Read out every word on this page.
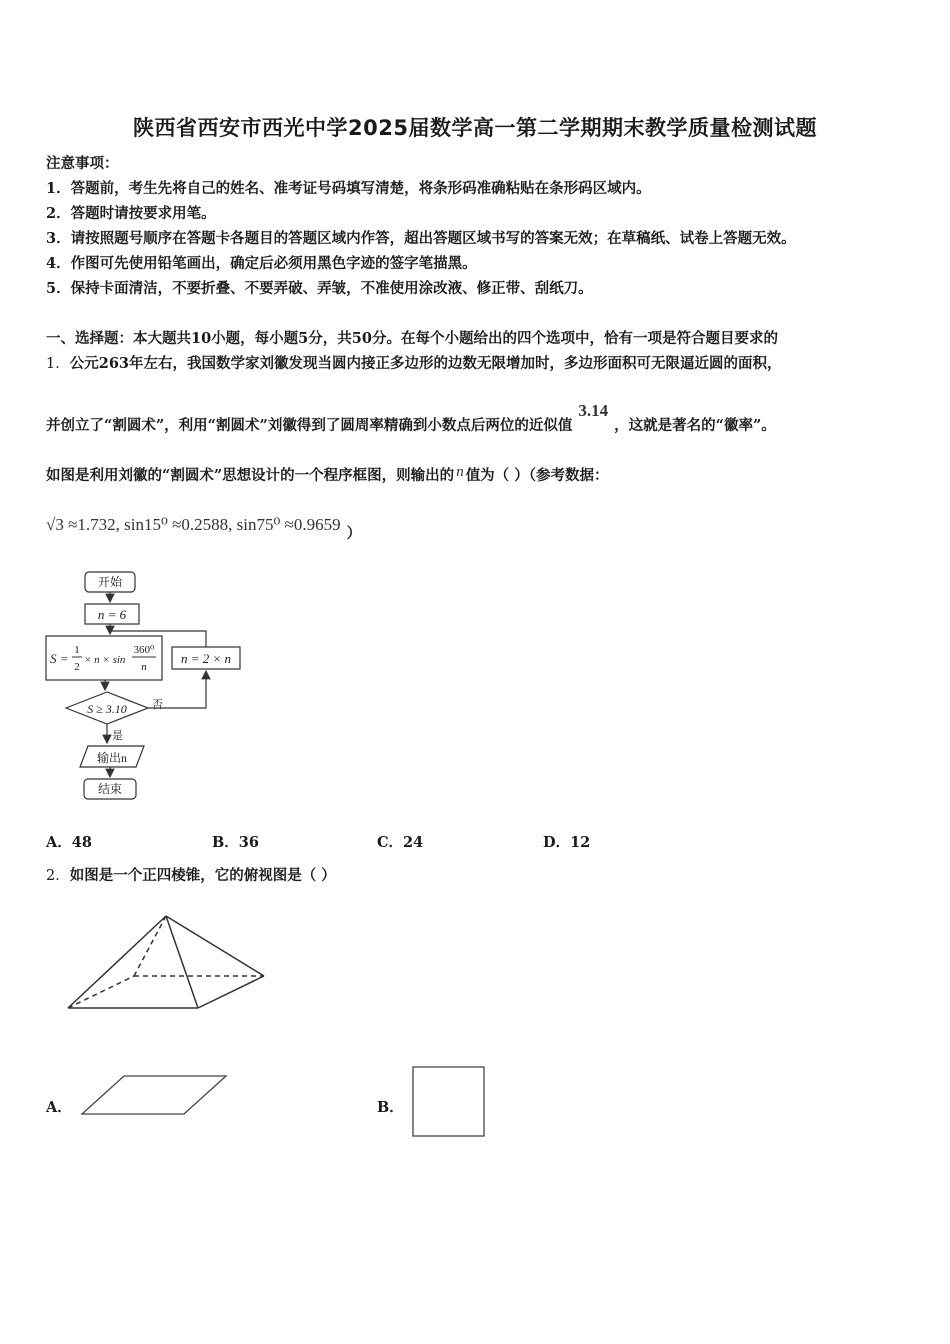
陕西省西安市西光中学2025届数学高一第二学期期末教学质量检测试题
注意事项：
1．答题前，考生先将自己的姓名、准考证号码填写清楚，将条形码准确粘贴在条形码区域内。
2．答题时请按要求用笔。
3．请按照题号顺序在答题卡各题目的答题区域内作答，超出答题区域书写的答案无效；在草稿纸、试卷上答题无效。
4．作图可先使用铅笔画出，确定后必须用黑色字迹的签字笔描黑。
5．保持卡面清洁，不要折叠、不要弄破、弄皱，不准使用涂改液、修正带、刮纸刀。
一、选择题：本大题共10小题，每小题5分，共50分。在每个小题给出的四个选项中，恰有一项是符合题目要求的
1．公元263年左右，我国数学家刘徽发现当圆内接正多边形的边数无限增加时，多边形面积可无限逼近圆的面积，
并创立了“割圆术”，利用“割圆术”刘徽得到了圆周率精确到小数点后两位的近似值3.14，这就是著名的“徽率”。
如图是利用刘徽的“割圆术”思想设计的一个程序框图，则输出的 n 值为（ ）（参考数据：
√3 ≈1.732, sin15⁰ ≈0.2588, sin75⁰ ≈0.9659 ）
开始
n = 6
S =
1
2
× n × sin
360⁰
n
n = 2 × n
S ≥ 3.10 否
是
输出n
结束
A．48	B．36	C．24	D．12
2．如图是一个正四棱锥，它的俯视图是（ ）
A．	B．
